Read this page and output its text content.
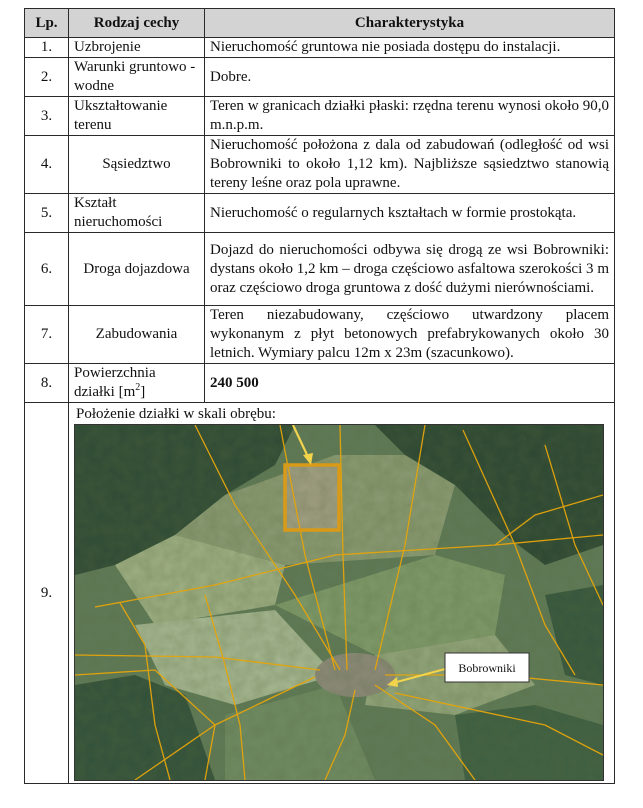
Lp.	Rodzaj cechy	Charakterystyka
1.	Uzbrojenie	Nieruchomość gruntowa nie posiada dostępu do instalacji.
2.	Warunki gruntowo - wodne	Dobre.
3.	Ukształtowanie terenu	Teren w granicach działki płaski: rzędna terenu wynosi około 90,0 m.n.p.m.
4.	Sąsiedztwo	Nieruchomość położona z dala od zabudowań (odległość od wsi Bobrowniki to około 1,12 km). Najbliższe sąsiedztwo stanowią tereny leśne oraz pola uprawne.
5.	Kształt nieruchomości	Nieruchomość o regularnych kształtach w formie prostokąta.
6.	Droga dojazdowa	Dojazd do nieruchomości odbywa się drogą ze wsi Bobrowniki: dystans około 1,2 km – droga częściowo asfaltowa szerokości 3 m oraz częściowo droga gruntowa z dość dużymi nierównościami.
7.	Zabudowania	Teren niezabudowany, częściowo utwardzony placem wykonanym z płyt betonowych prefabrykowanych około 30 letnich. Wymiary palcu 12m x 23m (szacunkowo).
8.	Powierzchnia działki $[m^2]$	240 500
9.	Położenie działki w skali obrębu:
Bobrowniki	
